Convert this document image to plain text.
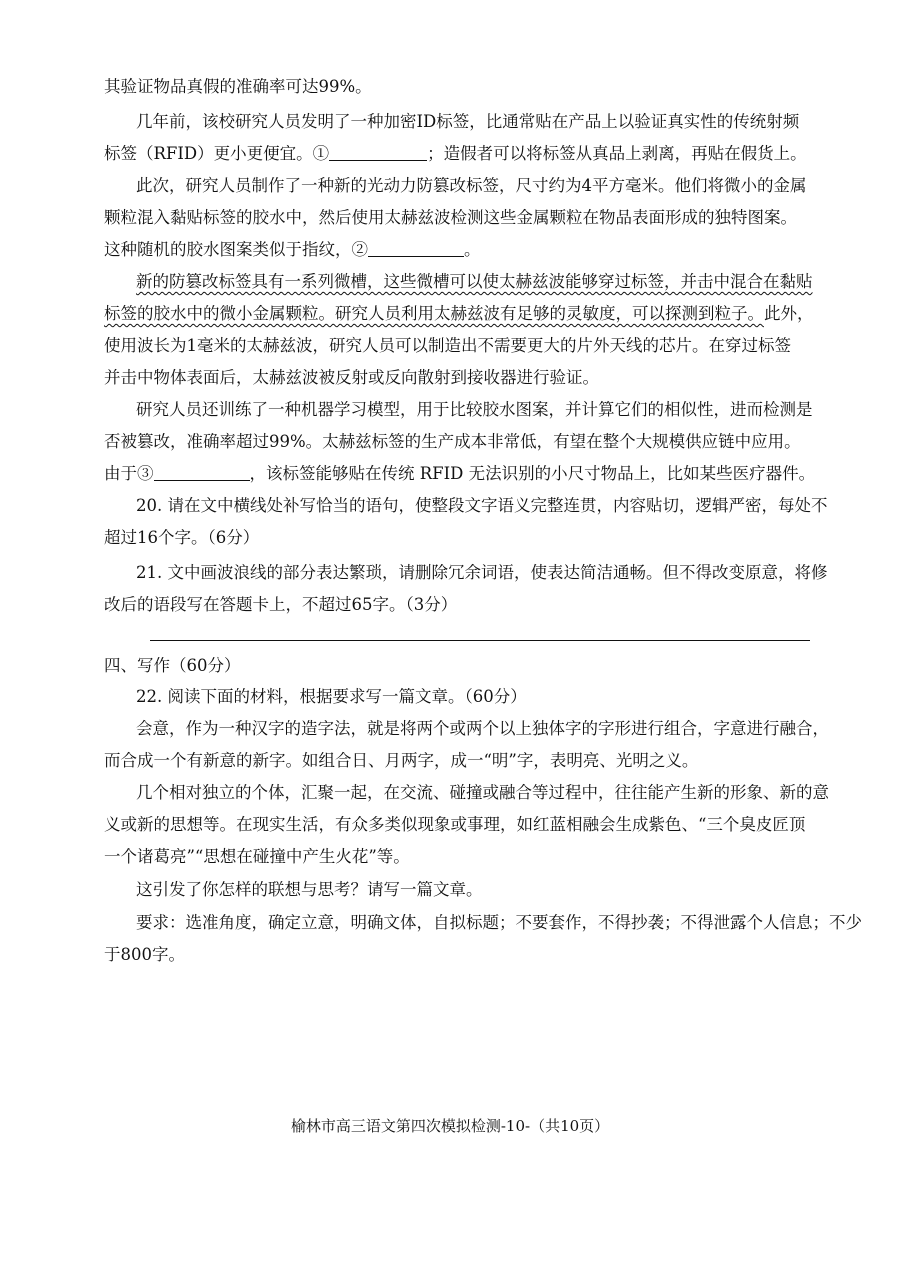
其验证物品真假的准确率可达99%。
几年前，该校研究人员发明了一种加密ID标签，比通常贴在产品上以验证真实性的传统射频
标签（RFID）更小更便宜。①	；造假者可以将标签从真品上剥离，再贴在假货上。
此次，研究人员制作了一种新的光动力防篡改标签，尺寸约为4平方毫米。他们将微小的金属
颗粒混入黏贴标签的胶水中，然后使用太赫兹波检测这些金属颗粒在物品表面形成的独特图案。
这种随机的胶水图案类似于指纹，②	。
新的防篡改标签具有一系列微槽，这些微槽可以使太赫兹波能够穿过标签，并击中混合在黏贴
标签的胶水中的微小金属颗粒。研究人员利用太赫兹波有足够的灵敏度，可以探测到粒子。此外，
使用波长为1毫米的太赫兹波，研究人员可以制造出不需要更大的片外天线的芯片。在穿过标签
并击中物体表面后，太赫兹波被反射或反向散射到接收器进行验证。
研究人员还训练了一种机器学习模型，用于比较胶水图案，并计算它们的相似性，进而检测是
否被篡改，准确率超过99%。太赫兹标签的生产成本非常低，有望在整个大规模供应链中应用。
由于③	，该标签能够贴在传统 RFID 无法识别的小尺寸物品上，比如某些医疗器件。
20. 请在文中横线处补写恰当的语句，使整段文字语义完整连贯，内容贴切，逻辑严密，每处不
超过16个字。（6分）
21. 文中画波浪线的部分表达繁琐，请删除冗余词语，使表达简洁通畅。但不得改变原意，将修
改后的语段写在答题卡上，不超过65字。（3分）
四、写作（60分）
22. 阅读下面的材料，根据要求写一篇文章。（60分）
会意，作为一种汉字的造字法，就是将两个或两个以上独体字的字形进行组合，字意进行融合，
而合成一个有新意的新字。如组合日、月两字，成一“明”字，表明亮、光明之义。
几个相对独立的个体，汇聚一起，在交流、碰撞或融合等过程中，往往能产生新的形象、新的意
义或新的思想等。在现实生活，有众多类似现象或事理，如红蓝相融会生成紫色、“三个臭皮匠顶
一个诸葛亮”“思想在碰撞中产生火花”等。
这引发了你怎样的联想与思考？请写一篇文章。
要求：选准角度，确定立意，明确文体，自拟标题；不要套作，不得抄袭；不得泄露个人信息；不少
于800字。
榆林市高三语文第四次模拟检测-10-（共10页）
